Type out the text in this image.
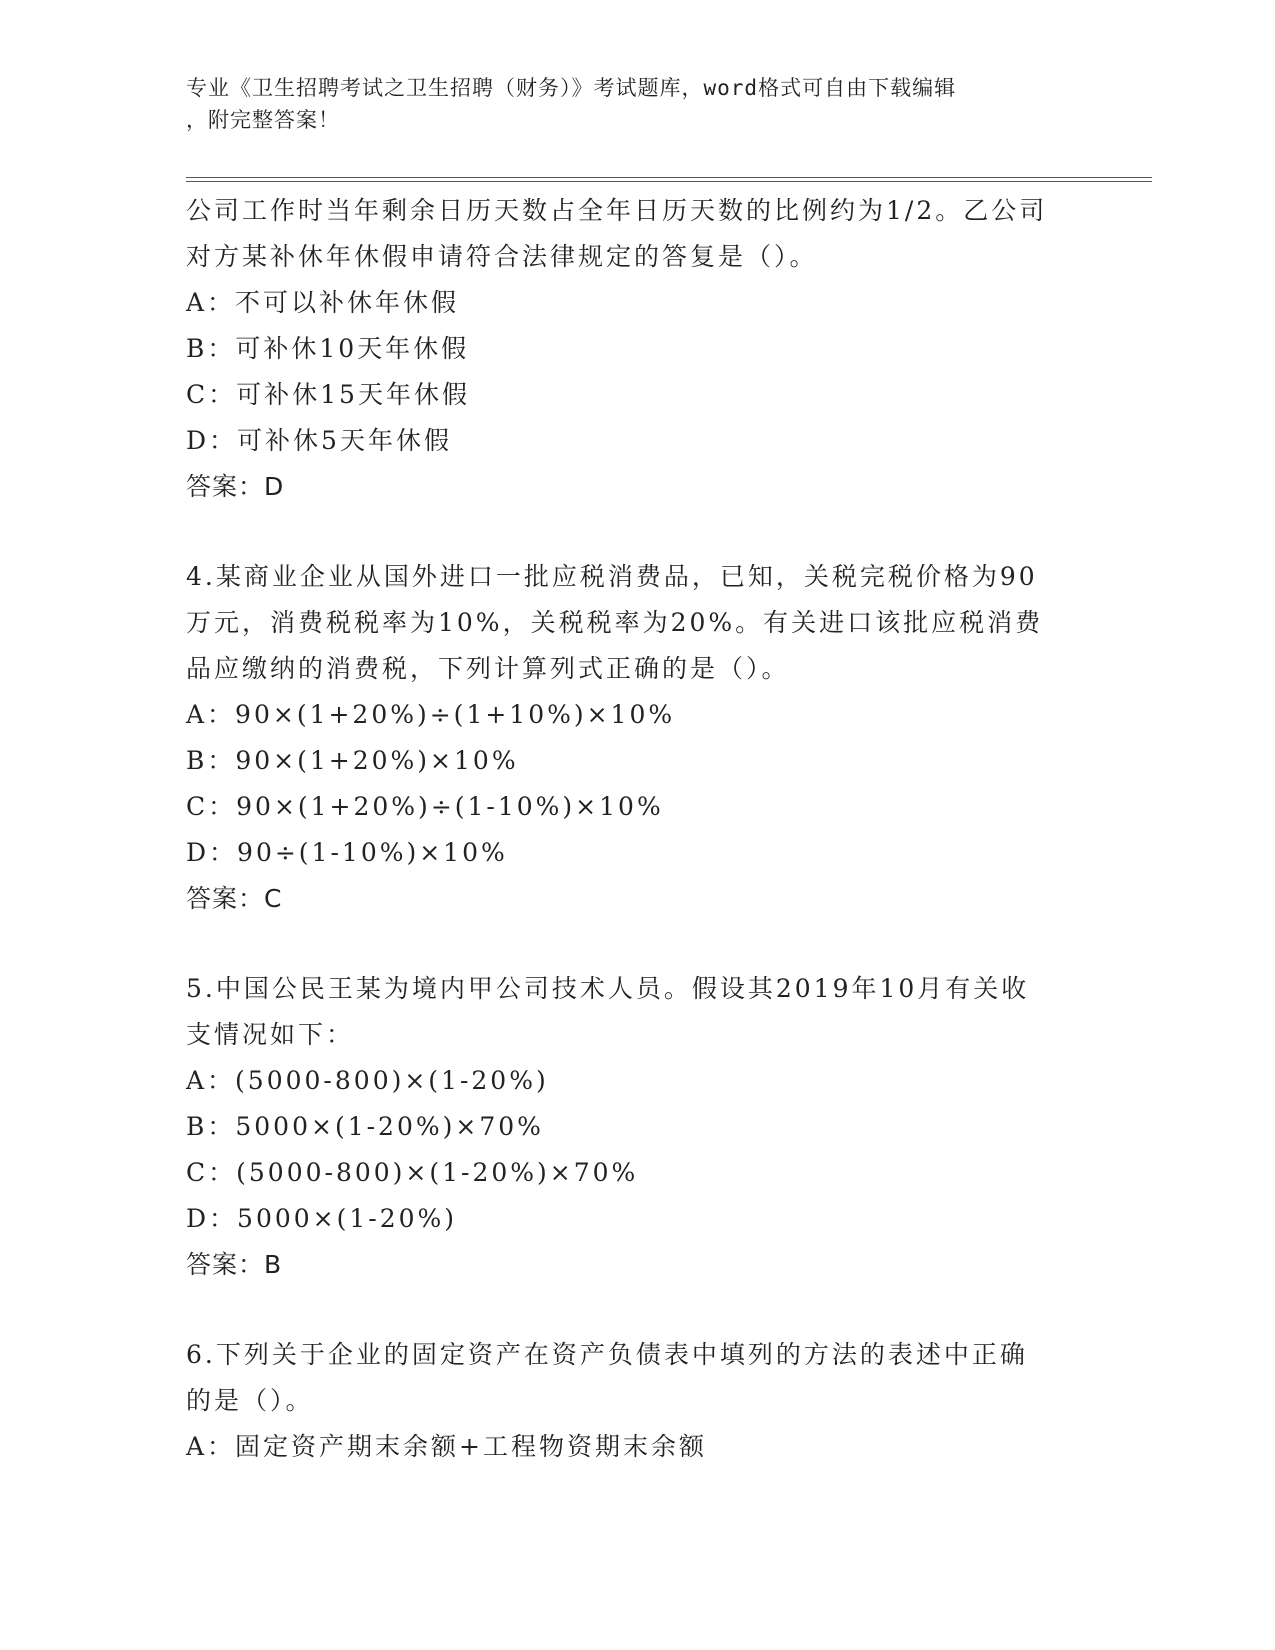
专业《卫生招聘考试之卫生招聘（财务）》考试题库，word格式可自由下载编辑
，附完整答案！
公司工作时当年剩余日历天数占全年日历天数的比例约为1/2。乙公司
对方某补休年休假申请符合法律规定的答复是（）。
A：不可以补休年休假
B：可补休10天年休假
C：可补休15天年休假
D：可补休5天年休假
答案：D
4.某商业企业从国外进口一批应税消费品，已知，关税完税价格为90
万元，消费税税率为10%，关税税率为20%。有关进口该批应税消费
品应缴纳的消费税，下列计算列式正确的是（）。
A：90×(1+20%)÷(1+10%)×10%
B：90×(1+20%)×10%
C：90×(1+20%)÷(1-10%)×10%
D：90÷(1-10%)×10%
答案：C
5.中国公民王某为境内甲公司技术人员。假设其2019年10月有关收
支情况如下：
A：(5000-800)×(1-20%)
B：5000×(1-20%)×70%
C：(5000-800)×(1-20%)×70%
D：5000×(1-20%)
答案：B
6.下列关于企业的固定资产在资产负债表中填列的方法的表述中正确
的是（）。
A：固定资产期末余额+工程物资期末余额
